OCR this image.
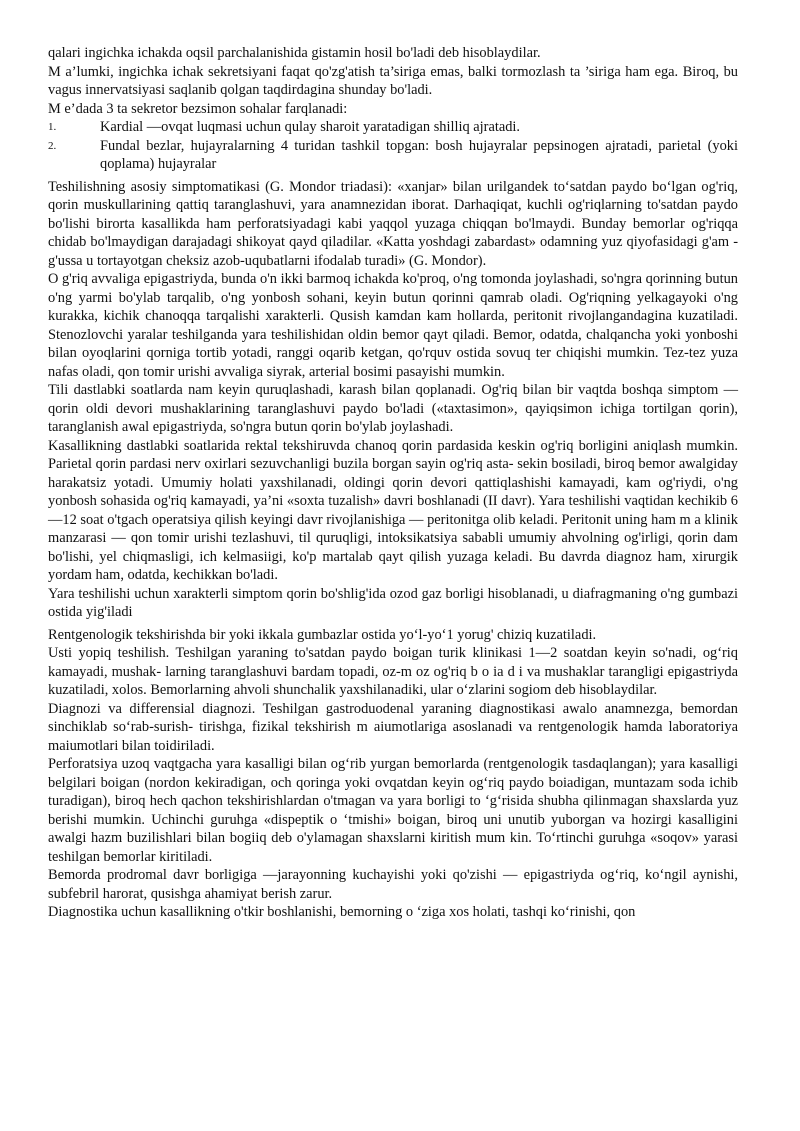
qalari ingichka ichakda oqsil parchalanishida gistamin hosil bo'ladi deb hisoblaydilar.

M a’lumki, ingichka ichak sekretsiyani faqat qo'zg'atish ta’siriga emas, balki tormozlash ta ’siriga ham ega. Biroq, bu vagus innervatsiyasi saqlanib qolgan taqdirdagina shunday bo'ladi.

M e’dada 3 ta sekretor bezsimon sohalar farqlanadi:

1.	Kardial —ovqat luqmasi uchun qulay sharoit yaratadigan shilliq ajratadi.
2.	Fundal bezlar, hujayralarning 4 turidan tashkil topgan: bosh hujayralar pepsinogen ajratadi, parietal (yoki qoplama) hujayralar

Teshilishning asosiy simptomatikasi (G. Mondor triadasi): «xanjar» bilan urilgandek to‘satdan paydo bo‘lgan og'riq, qorin muskullarining qattiq taranglashuvi, yara anamnezidan iborat. Darhaqiqat, kuchli og'riqlarning to'satdan paydo bo'lishi birorta kasallikda ham perforatsiyadagi kabi yaqqol yuzaga chiqqan bo'lmaydi. Bunday bemorlar og'riqqa chidab bo'lmaydigan darajadagi shikoyat qayd qiladilar. «Katta yoshdagi zabardast» odamning yuz qiyofasidagi g'am -g'ussa u tortayotgan cheksiz azob-uqubatlarni ifodalab turadi» (G. Mondor).

O g'riq avvaliga epigastriyda, bunda o'n ikki barmoq ichakda ko'proq, o'ng tomonda joylashadi, so'ngra qorinning butun o'ng yarmi bo'ylab tarqalib, o'ng yonbosh sohani, keyin butun qorinni qamrab oladi. Og'riqning yelkagayoki o'ng kurakka, kichik chanoqqa tarqalishi xarakterli. Qusish kamdan kam hollarda, peritonit rivojlangandagina kuzatiladi. Stenozlovchi yaralar teshilganda yara teshilishidan oldin bemor qayt qiladi. Bemor, odatda, chalqancha yoki yonboshi bilan oyoqlarini qorniga tortib yotadi, ranggi oqarib ketgan, qo'rquv ostida sovuq ter chiqishi mumkin. Tez-tez yuza nafas oladi, qon tomir urishi avvaliga siyrak, arterial bosimi pasayishi mumkin.

Tili dastlabki soatlarda nam keyin quruqlashadi, karash bilan qoplanadi. Og'riq bilan bir vaqtda boshqa simptom — qorin oldi devori mushaklarining taranglashuvi paydo bo'ladi («taxtasimon», qayiqsimon ichiga tortilgan qorin), taranglanish awal epigastriyda, so'ngra butun qorin bo'ylab joylashadi.

Kasallikning dastlabki soatlarida rektal tekshiruvda chanoq qorin pardasida keskin og'riq borligini aniqlash mumkin. Parietal qorin pardasi nerv oxirlari sezuvchanligi buzila borgan sayin og'riq asta- sekin bosiladi, biroq bemor awalgiday harakatsiz yotadi. Umumiy holati yaxshilanadi, oldingi qorin devori qattiqlashishi kamayadi, kam og'riydi, o'ng yonbosh sohasida og'riq kamayadi, ya’ni «soxta tuzalish» davri boshlanadi (II davr). Yara teshilishi vaqtidan kechikib 6—12 soat o'tgach operatsiya qilish keyingi davr rivojlanishiga — peritonitga olib keladi. Peritonit uning ham m a klinik manzarasi — qon tomir urishi tezlashuvi, til quruqligi, intoksikatsiya sababli umumiy ahvolning og'irligi, qorin dam bo'lishi, yel chiqmasligi, ich kelmasiigi, ko'p martalab qayt qilish yuzaga keladi. Bu davrda diagnoz ham, xirurgik yordam ham, odatda, kechikkan bo'ladi.

Yara teshilishi uchun xarakterli simptom qorin bo'shlig'ida ozod gaz borligi hisoblanadi, u diafragmaning o'ng gumbazi ostida yig'iladi

Rentgenologik tekshirishda bir yoki ikkala gumbazlar ostida yo‘l-yo‘1 yorug' chiziq kuzatiladi.

Usti yopiq teshilish. Teshilgan yaraning to'satdan paydo boigan turik klinikasi 1—2 soatdan keyin so'nadi, og‘riq kamayadi, mushak- larning taranglashuvi bardam topadi, oz-m oz og'riq b o ia d i va mushaklar tarangligi epigastriyda kuzatiladi, xolos. Bemorlarning ahvoli shunchalik yaxshilanadiki, ular o‘zlarini sogiom deb hisoblaydilar.

Diagnozi va differensial diagnozi. Teshilgan gastroduodenal yaraning diagnostikasi awalo anamnezga, bemordan sinchiklab so‘rab-surish- tirishga, fizikal tekshirish m aiumotlariga asoslanadi va rentgenologik hamda laboratoriya maiumotlari bilan toidiriladi.

Perforatsiya uzoq vaqtgacha yara kasalligi bilan og‘rib yurgan bemorlarda (rentgenologik tasdaqlangan); yara kasalligi belgilari boigan (nordon kekiradigan, och qoringa yoki ovqatdan keyin og‘riq paydo boiadigan, muntazam soda ichib turadigan), biroq hech qachon tekshirishlardan o'tmagan va yara borligi to ‘g‘risida shubha qilinmagan shaxslarda yuz berishi mumkin. Uchinchi guruhga «dispeptik o ‘tmishi» boigan, biroq uni unutib yuborgan va hozirgi kasalligini awalgi hazm buzilishlari bilan bogiiq deb o'ylamagan shaxslarni kiritish mum kin. To‘rtinchi guruhga «soqov» yarasi teshilgan bemorlar kiritiladi.

Bemorda prodromal davr borligiga —jarayonning kuchayishi yoki qo'zishi — epigastriyda og‘riq, ko‘ngil aynishi, subfebril harorat, qusishga ahamiyat berish zarur.

Diagnostika uchun kasallikning o'tkir boshlanishi, bemorning o ‘ziga xos holati, tashqi ko‘rinishi, qon
